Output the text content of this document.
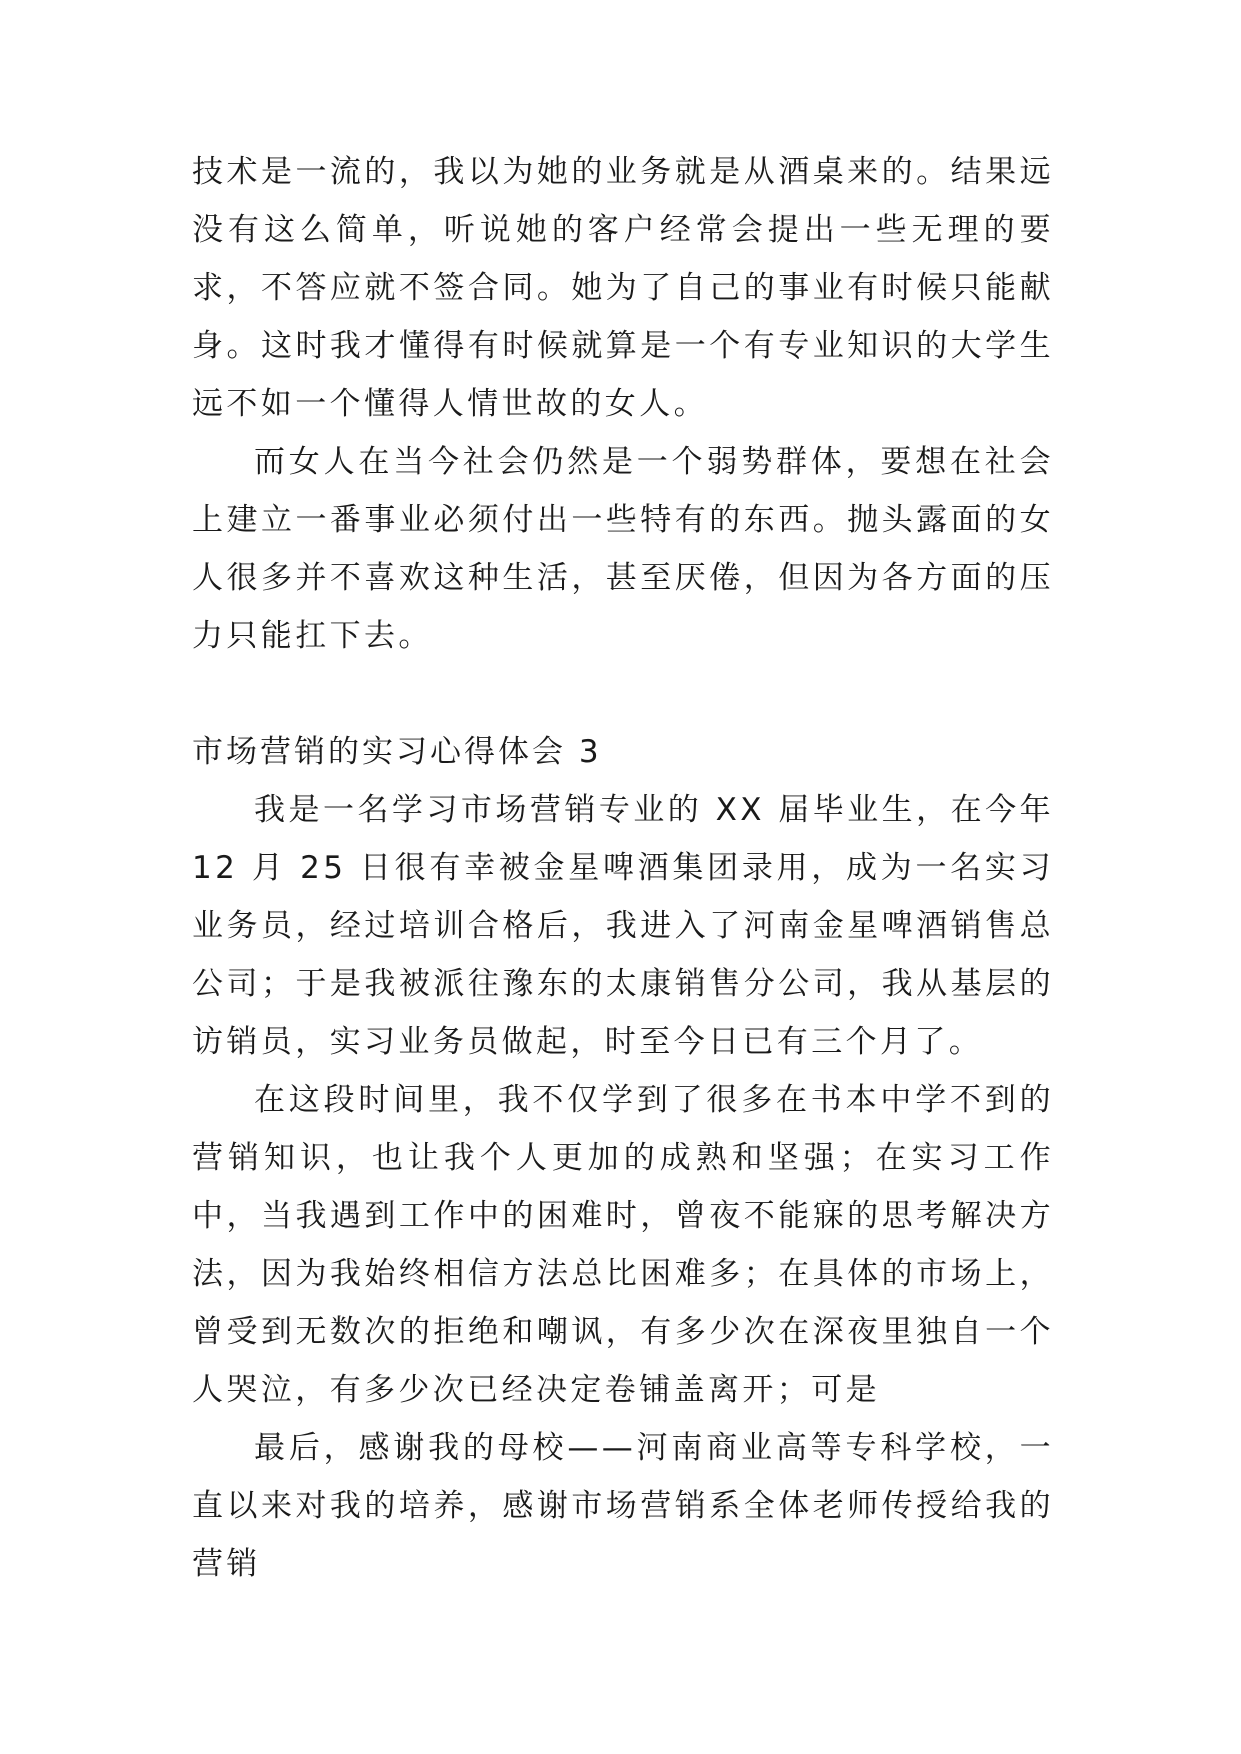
技术是一流的，我以为她的业务就是从酒桌来的。结果远没有这么简单，听说她的客户经常会提出一些无理的要求，不答应就不签合同。她为了自己的事业有时候只能献身。这时我才懂得有时候就算是一个有专业知识的大学生远不如一个懂得人情世故的女人。

而女人在当今社会仍然是一个弱势群体，要想在社会上建立一番事业必须付出一些特有的东西。抛头露面的女人很多并不喜欢这种生活，甚至厌倦，但因为各方面的压力只能扛下去。

市场营销的实习心得体会 3

我是一名学习市场营销专业的 XX 届毕业生，在今年 12 月 25 日很有幸被金星啤酒集团录用，成为一名实习业务员，经过培训合格后，我进入了河南金星啤酒销售总公司；于是我被派往豫东的太康销售分公司，我从基层的访销员，实习业务员做起，时至今日已有三个月了。

在这段时间里，我不仅学到了很多在书本中学不到的营销知识，也让我个人更加的成熟和坚强；在实习工作中，当我遇到工作中的困难时，曾夜不能寐的思考解决方法，因为我始终相信方法总比困难多；在具体的市场上，曾受到无数次的拒绝和嘲讽，有多少次在深夜里独自一个人哭泣，有多少次已经决定卷铺盖离开；可是

最后，感谢我的母校——河南商业高等专科学校，一直以来对我的培养，感谢市场营销系全体老师传授给我的营销
